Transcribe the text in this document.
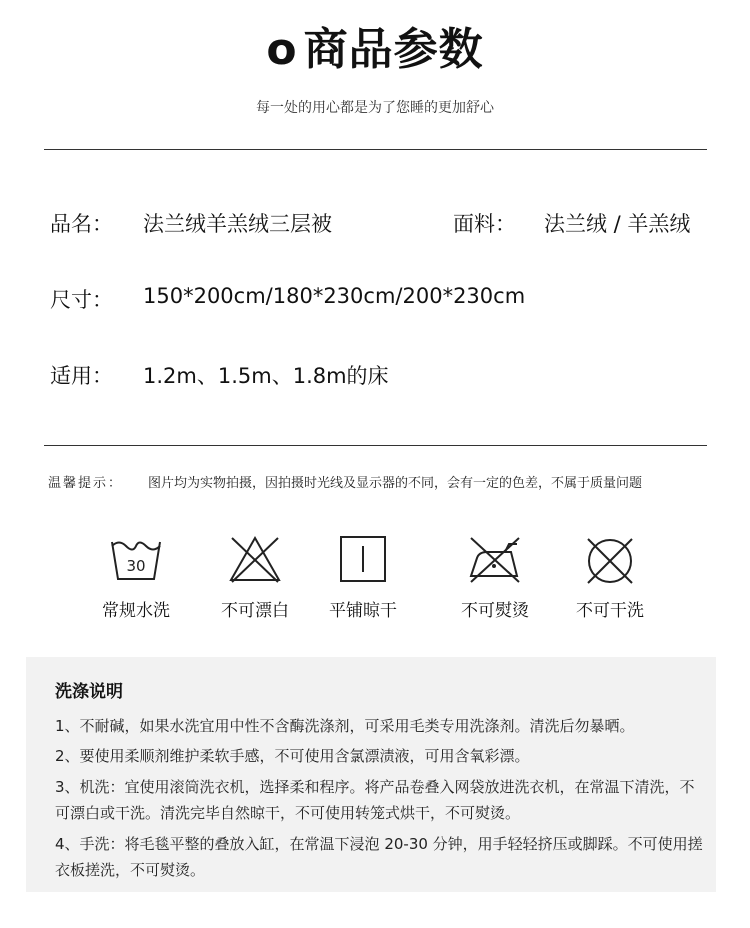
o 商品参数
每一处的用心都是为了您睡的更加舒心
品名： 法兰绒羊羔绒三层被	面料： 法兰绒 / 羊羔绒
尺寸： 150*200cm/180*230cm/200*230cm
适用： 1.2m、1.5m、1.8m的床
温馨提示： 图片均为实物拍摄，因拍摄时光线及显示器的不同，会有一定的色差，不属于质量问题
30
常规水洗	不可漂白	平铺晾干	不可熨烫	不可干洗
洗涤说明
1、不耐碱，如果水洗宜用中性不含酶洗涤剂，可采用毛类专用洗涤剂。清洗后勿暴晒。
2、要使用柔顺剂维护柔软手感，不可使用含氯漂渍液，可用含氧彩漂。
3、机洗：宜使用滚筒洗衣机，选择柔和程序。将产品卷叠入网袋放进洗衣机，在常温下清洗，不可漂白或干洗。清洗完毕自然晾干，不可使用转笼式烘干，不可熨烫。
4、手洗：将毛毯平整的叠放入缸，在常温下浸泡 20-30 分钟，用手轻轻挤压或脚踩。不可使用搓衣板搓洗，不可熨烫。
